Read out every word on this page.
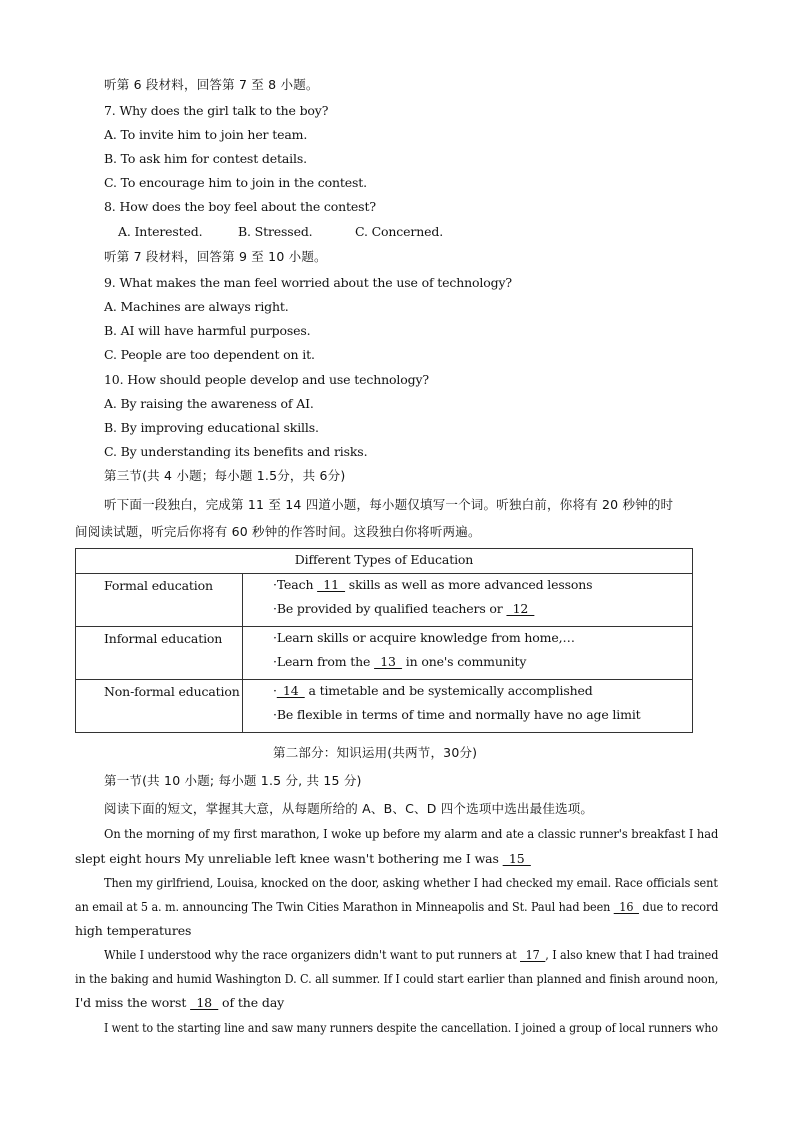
听第 6 段材料，回答第 7 至 8 小题。
7. Why does the girl talk to the boy?
A. To invite him to join her team.
B. To ask him for contest details.
C. To encourage him to join in the contest.
8. How does the boy feel about the contest?
A. Interested.	B. Stressed.	C. Concerned.
听第 7 段材料，回答第 9 至 10 小题。
9. What makes the man feel worried about the use of technology?
A. Machines are always right.
B. AI will have harmful purposes.
C. People are too dependent on it.
10. How should people develop and use technology?
A. By raising the awareness of AI.
B. By improving educational skills.
C. By understanding its benefits and risks.
第三节(共 4 小题；每小题 1.5分，共 6分)
听下面一段独白，完成第 11 至 14 四道小题，每小题仅填写一个词。听独白前，你将有 20 秒钟的时
间阅读试题，听完后你将有 60 秒钟的作答时间。这段独白你将听两遍。
Different Types of Education	
Formal education	·Teach _11_ skills as well as more advanced lessons
·Be provided by qualified teachers or _12_

Informal education	·Learn skills or acquire knowledge from home,…
·Learn from the _13_ in one's community

Non-formal education	·_14_ a timetable and be systemically accomplished
·Be flexible in terms of time and normally have no age limit
第二部分：知识运用(共两节，30分)
第一节(共 10 小题; 每小题 1.5 分, 共 15 分)
阅读下面的短文，掌握其大意，从每题所给的 A、B、C、D 四个选项中选出最佳选项。
On the morning of my first marathon, I woke up before my alarm and ate a classic runner's breakfast I had
slept eight hours My unreliable left knee wasn't bothering me I was _15_
Then my girlfriend, Louisa, knocked on the door, asking whether I had checked my email. Race officials sent
an email at 5 a. m. announcing The Twin Cities Marathon in Minneapolis and St. Paul had been _16_ due to record
high temperatures
While I understood why the race organizers didn't want to put runners at _17_, I also knew that I had trained
in the baking and humid Washington D. C. all summer. If I could start earlier than planned and finish around noon,
I'd miss the worst _18_ of the day
I went to the starting line and saw many runners despite the cancellation. I joined a group of local runners who
